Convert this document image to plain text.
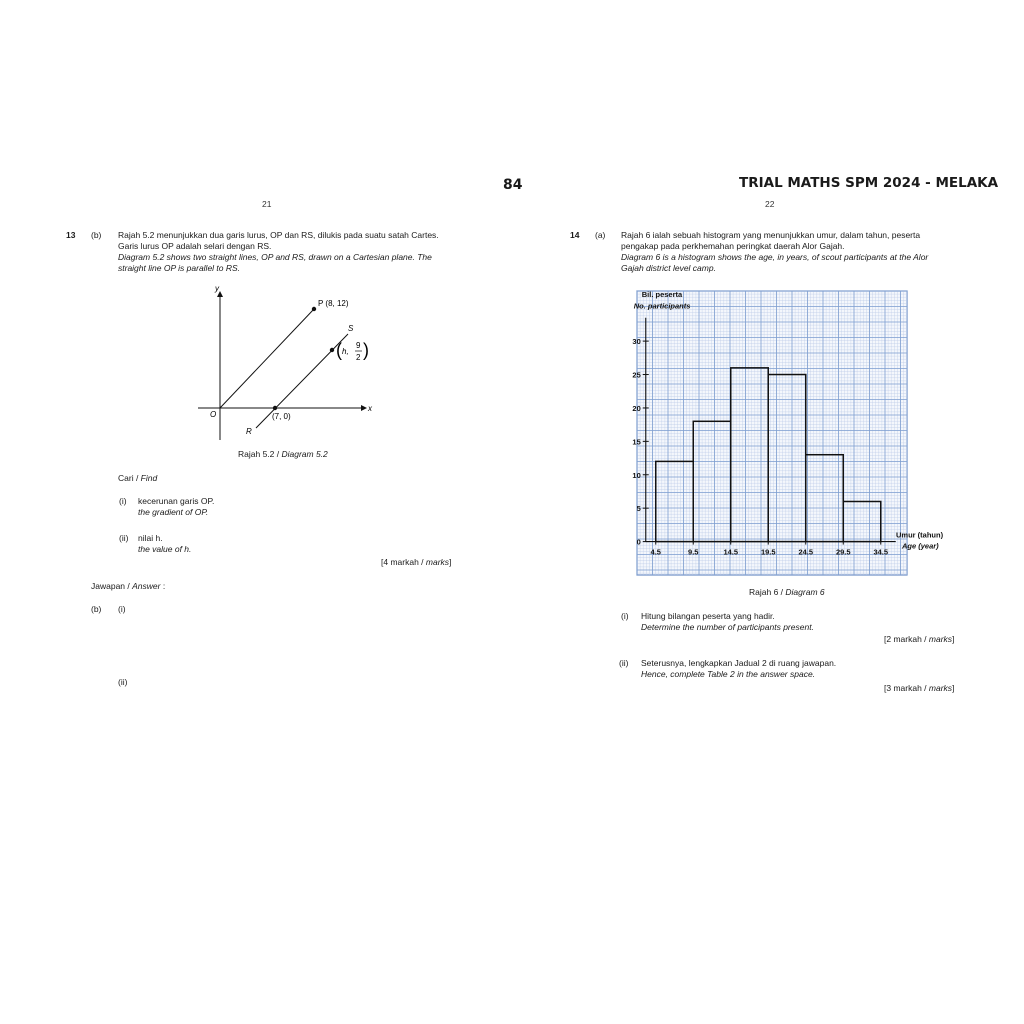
84	TRIAL MATHS SPM 2024 - MELAKA
21
13 (b) Rajah 5.2 menunjukkan dua garis lurus, OP dan RS, dilukis pada suatu satah Cartes.
Garis lurus OP adalah selari dengan RS.
Diagram 5.2 shows two straight lines, OP and RS, drawn on a Cartesian plane. The
straight line OP is parallel to RS.
y
x
O
P (8, 12)
S
R
(7, 0)
( h,
9
2 )
Rajah 5.2 / Diagram 5.2
Cari / Find
(i) kecerunan garis OP.
the gradient of OP.
(ii) nilai h.
the value of h.
[4 markah / marks]
Jawapan / Answer :
(b) (i)
(ii)
22
14 (a) Rajah 6 ialah sebuah histogram yang menunjukkan umur, dalam tahun, peserta
pengakap pada perkhemahan peringkat daerah Alor Gajah.
Diagram 6 is a histogram shows the age, in years, of scout participants at the Alor
Gajah district level camp.
0
5
10
15
20
25
30
4.5	9.5	14.5	19.5	24.5	29.5	34.5
Bil. peserta
No. participants
Umur (tahun)
Age (year)
Rajah 6 / Diagram 6
(i) Hitung bilangan peserta yang hadir.
Determine the number of participants present.
[2 markah / marks]
(ii) Seterusnya, lengkapkan Jadual 2 di ruang jawapan.
Hence, complete Table 2 in the answer space.
[3 markah / marks]
